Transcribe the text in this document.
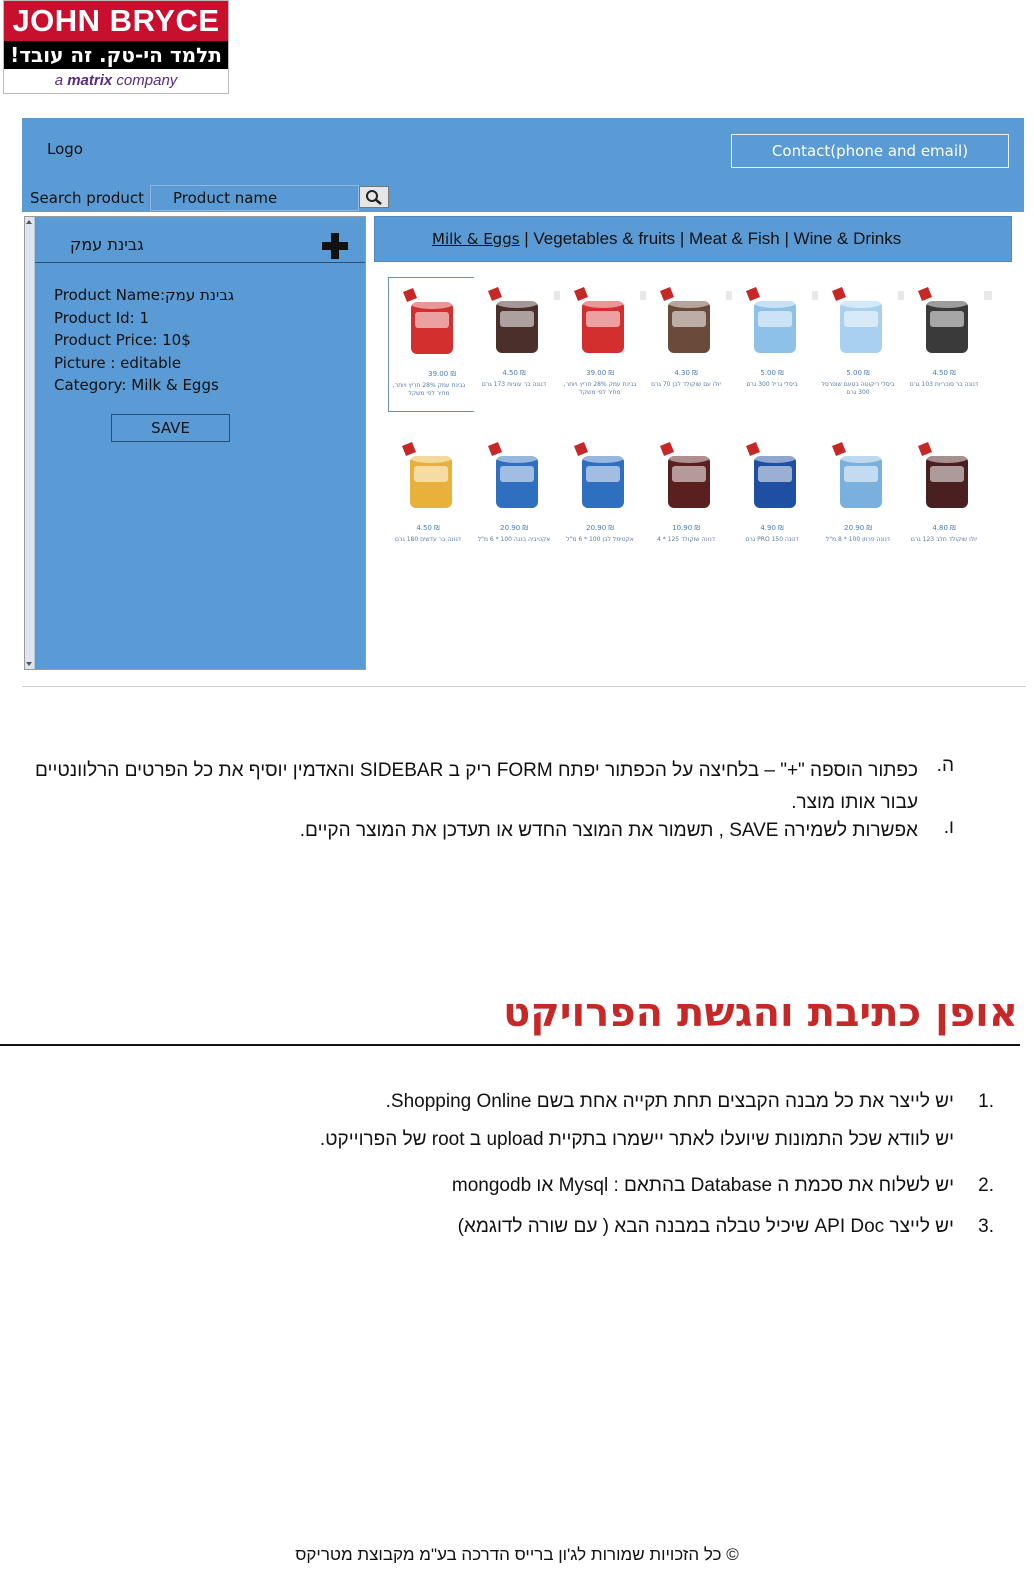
JOHN BRYCE
תלמד הי-טק. זה עובד!
a matrix company
Logo	Contact(phone and email)
Search product	Product name
גבינת עמק
Product Name:גבינת עמק
Product Id: 1
Product Price: 10$
Picture : editable
Category: Milk & Eggs
SAVE
Milk & Eggs | Vegetables & fruits | Meat & Fish | Wine & Drinks
₪ 39.00
גבינת עמק 28% חריץ ויותר, מחיר לפי משקל
₪ 4.50
דנונה בר עוגיות 173 גרם
₪ 39.00
גבינת עמק 28% חריץ ויותר, מחיר לפי משקל
₪ 4.30
יולו עם שוקולד לבן 70 גרם
₪ 5.00
ביסלי גריל 300 גרם
₪ 5.00
ביסלי ריקוטה בטעם שופרסל 300 גרם
₪ 4.50
דנונה בר סוכריות 103 גרם
₪ 4.50
דנונה בר עדשים 180 גרם
₪ 20.90
אקטיביה בננה 100 * 6 מ"ל
₪ 20.90
אקטימל לבן 100 * 6 מ"ל
₪ 10.90
דנונה שוקולד 125 * 4
₪ 4.90
דנונה PRO 150 גרם
₪ 20.90
דנונה פרוזן 100 * 8 מ"ל
₪ 4.80
יולו שוקולד חלב 123 גרם
ה.
כפתור הוספה "+" – בלחיצה על הכפתור יפתח FORM ריק ב SIDEBAR והאדמין יוסיף את כל הפרטים הרלוונטיים עבור אותו מוצר.
ו.
אפשרות לשמירה SAVE , תשמור את המוצר החדש או תעדכן את המוצר הקיים.
אופן כתיבת והגשת הפרויקט
1.
יש לייצר את כל מבנה הקבצים תחת תקייה אחת בשם Shopping Online.
יש לוודא שכל התמונות שיועלו לאתר יישמרו בתקיית upload ב root של הפרוייקט.
2.
יש לשלוח את סכמת ה Database בהתאם : Mysql או mongodb
3.
יש לייצר API Doc שיכיל טבלה במבנה הבא ( עם שורה לדוגמא)
© כל הזכויות שמורות לג'ון ברייס הדרכה בע"מ מקבוצת מטריקס
